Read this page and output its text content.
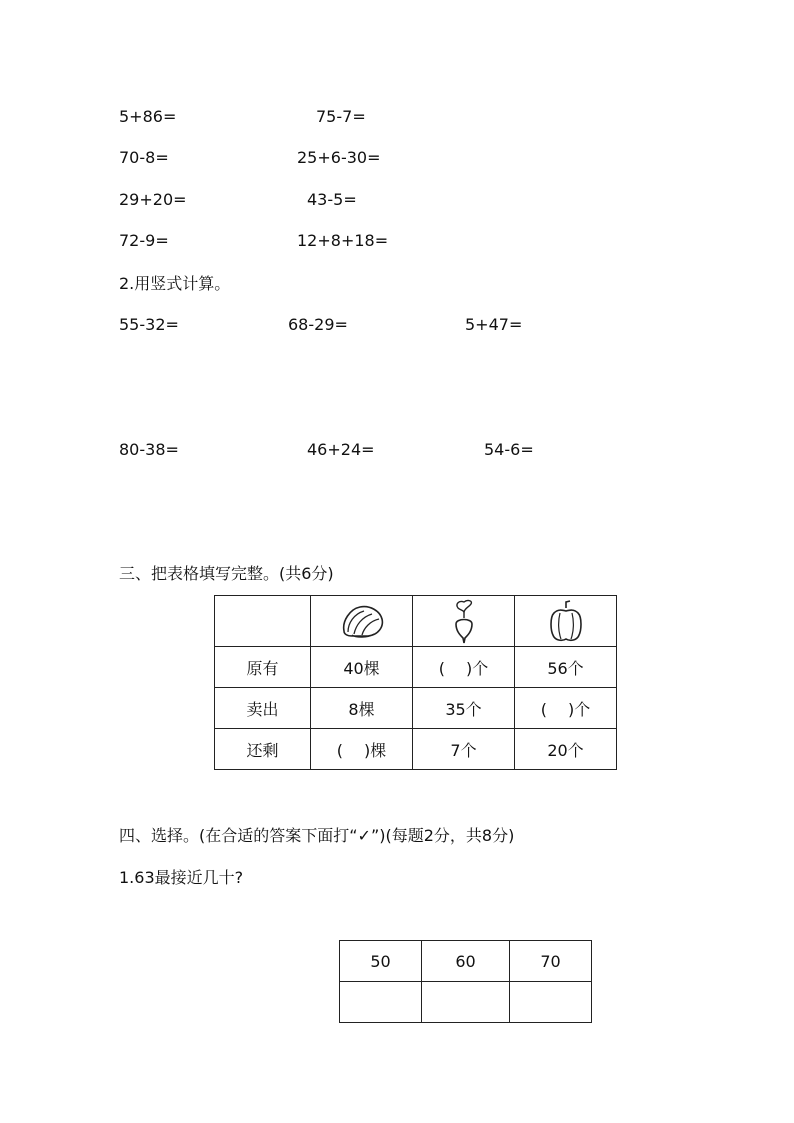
5+86=	75-7=
70-8=	25+6-30=
29+20=	43-5=
72-9=	12+8+18=
2.用竖式计算。
55-32=	68-29=	5+47=
80-38=	46+24=	54-6=
三、把表格填写完整。(共6分)

原有	40棵	(　 )个	56个
卖出	8棵	35个	(　 )个
还剩	(　 )棵	7个	20个
四、选择。(在合适的答案下面打“✓”)(每题2分，共8分)
1.63最接近几十?
50	60	70
